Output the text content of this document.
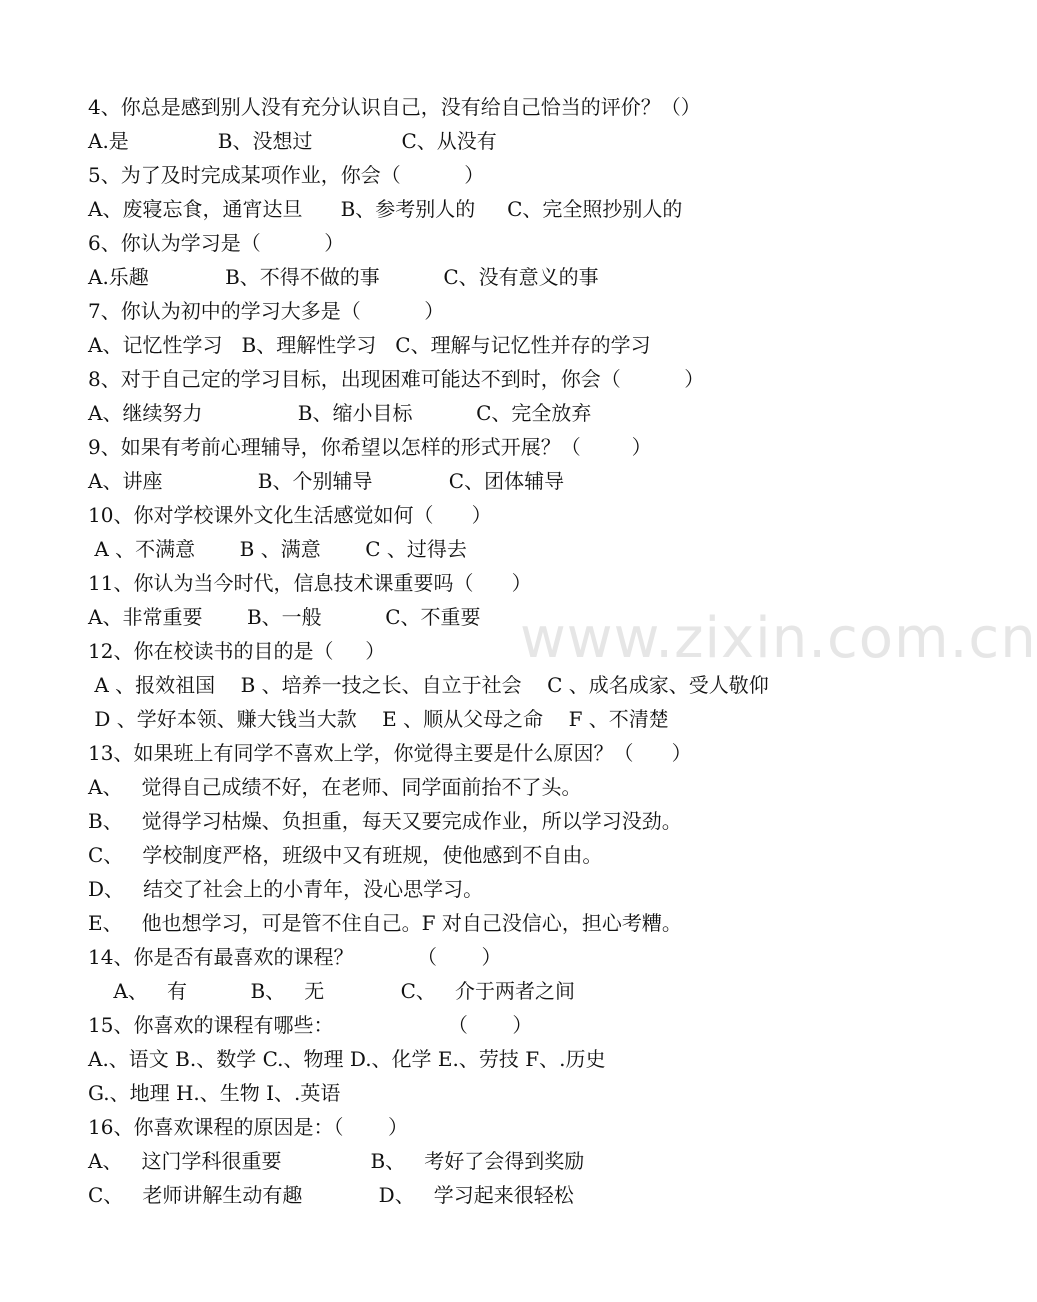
www.zixin.com.cn
4、你总是感到别人没有充分认识自己，没有给自己恰当的评价？（）
A.是              B、没想过              C、从没有
5、为了及时完成某项作业，你会（          ）
A、废寝忘食，通宵达旦      B、参考别人的     C、完全照抄别人的
6、你认为学习是（          ）
A.乐趣            B、不得不做的事          C、没有意义的事
7、你认为初中的学习大多是（          ）
A、记忆性学习   B、理解性学习   C、理解与记忆性并存的学习
8、对于自己定的学习目标，出现困难可能达不到时，你会（          ）
A、继续努力               B、缩小目标          C、完全放弃
9、如果有考前心理辅导，你希望以怎样的形式开展？（        ）
A、讲座               B、个别辅导            C、团体辅导
10、你对学校课外文化生活感觉如何（      ）
A 、不满意       B 、满意       C 、过得去
11、你认为当今时代，信息技术课重要吗（      ）
A、非常重要       B、一般          C、不重要
12、你在校读书的目的是（     ）
A 、报效祖国    B 、培养一技之长、自立于社会    C 、成名成家、受人敬仰
D 、学好本领、赚大钱当大款    E 、顺从父母之命    F 、不清楚
13、如果班上有同学不喜欢上学，你觉得主要是什么原因？（      ）
A、   觉得自己成绩不好，在老师、同学面前抬不了头。
B、   觉得学习枯燥、负担重，每天又要完成作业，所以学习没劲。
C、   学校制度严格，班级中又有班规，使他感到不自由。
D、   结交了社会上的小青年，没心思学习。
E、   他也想学习，可是管不住自己。F 对自己没信心，担心考糟。
14、你是否有最喜欢的课程？          （       ）
A、   有          B、   无            C、   介于两者之间
15、你喜欢的课程有哪些：                  （       ）
A.、语文 B.、数学 C.、物理 D.、化学 E.、劳技 F、.历史
G.、地理 H.、生物 I、.英语
16、你喜欢课程的原因是：（       ）
A、   这门学科很重要              B、   考好了会得到奖励
C、   老师讲解生动有趣            D、   学习起来很轻松
